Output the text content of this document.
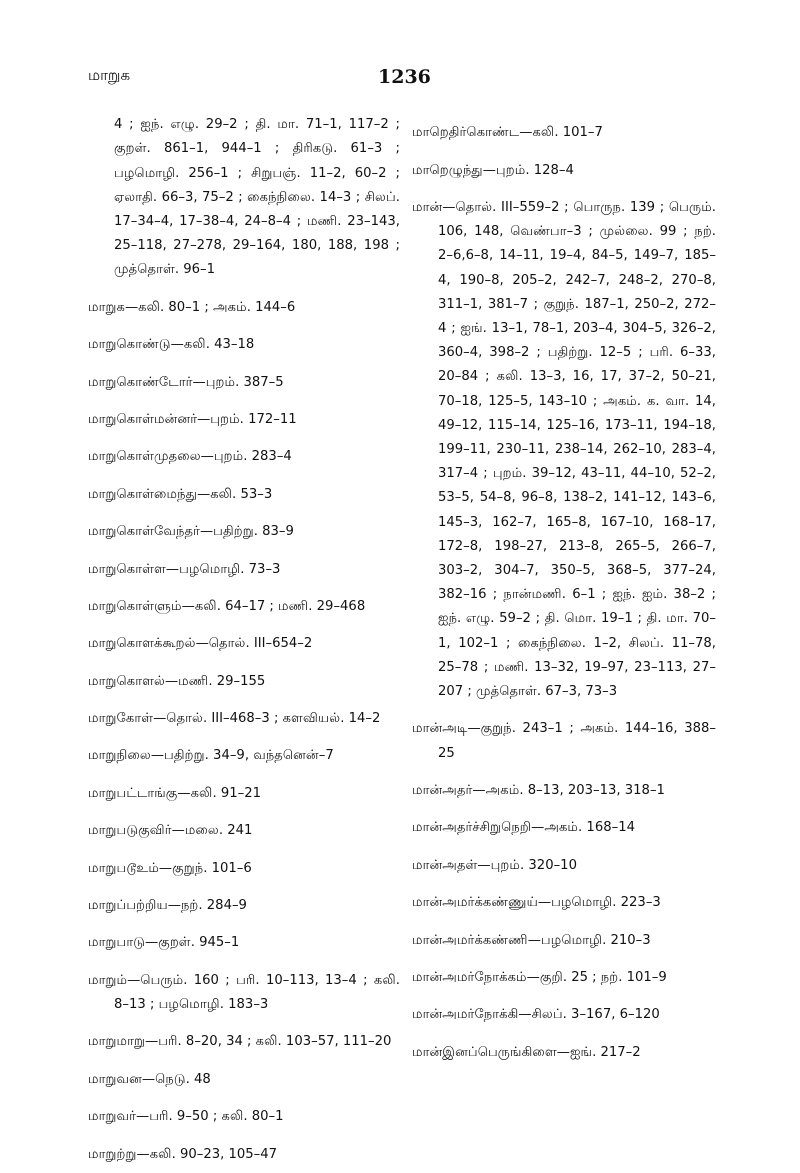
மாறுக	1236

4 ; ஐந். எழு. 29–2 ; தி. மா. 71–1, 117–2 ; குறள். 861–1, 944–1 ; திரிகடு. 61–3 ; பழமொழி. 256–1 ; சிறுபஞ். 11–2, 60–2 ; ஏலாதி. 66–3, 75–2 ; கைந்நிலை. 14–3 ; சிலப். 17–34–4, 17–38–4, 24–8–4 ; மணி. 23–143, 25–118, 27–278, 29–164, 180, 188, 198 ; முத்தொள். 96–1

மாறுக—கலி. 80–1 ; அகம். 144–6

மாறுகொண்டு—கலி. 43–18

மாறுகொண்டோர்—புறம். 387–5

மாறுகொள்மன்னர்—புறம். 172–11

மாறுகொள்முதலை—புறம். 283–4

மாறுகொள்மைந்து—கலி. 53–3

மாறுகொள்வேந்தர்—பதிற்று. 83–9

மாறுகொள்ள—பழமொழி. 73–3

மாறுகொள்ளும்—கலி. 64–17 ; மணி. 29–468

மாறுகொளக்கூறல்—தொல். III–654–2

மாறுகொளல்—மணி. 29–155

மாறுகோள்—தொல். III–468–3 ; களவியல். 14–2

மாறுநிலை—பதிற்று. 34–9, வந்தனென்–7

மாறுபட்டாங்கு—கலி. 91–21

மாறுபடுகுவிர்—மலை. 241

மாறுபடூஉம்—குறுந். 101–6

மாறுப்பற்றிய—நற். 284–9

மாறுபாடு—குறள். 945–1

மாறும்—பெரும். 160 ; பரி. 10–113, 13–4 ; கலி. 8–13 ; பழமொழி. 183–3

மாறுமாறு—பரி. 8–20, 34 ; கலி. 103–57, 111–20

மாறுவன—நெடு. 48

மாறுவர்—பரி. 9–50 ; கலி. 80–1

மாறுற்று—கலி. 90–23, 105–47

மாறெதிர்கொண்ட—கலி. 101–7

மாறெழுந்து—புறம். 128–4

மான்—தொல். III–559–2 ; பொருந. 139 ; பெரும். 106, 148, வெண்பா–3 ; முல்லை. 99 ; நற். 2–6,6–8, 14–11, 19–4, 84–5, 149–7, 185–4, 190–8, 205–2, 242–7, 248–2, 270–8, 311–1, 381–7 ; குறுந். 187–1, 250–2, 272–4 ; ஐங். 13–1, 78–1, 203–4, 304–5, 326–2, 360–4, 398–2 ; பதிற்று. 12–5 ; பரி. 6–33, 20–84 ; கலி. 13–3, 16, 17, 37–2, 50–21, 70–18, 125–5, 143–10 ; அகம். க. வா. 14, 49–12, 115–14, 125–16, 173–11, 194–18, 199–11, 230–11, 238–14, 262–10, 283–4, 317–4 ; புறம். 39–12, 43–11, 44–10, 52–2, 53–5, 54–8, 96–8, 138–2, 141–12, 143–6, 145–3, 162–7, 165–8, 167–10, 168–17, 172–8, 198–27, 213–8, 265–5, 266–7, 303–2, 304–7, 350–5, 368–5, 377–24, 382–16 ; நான்மணி. 6–1 ; ஐந். ஐம். 38–2 ; ஐந். எழு. 59–2 ; தி. மொ. 19–1 ; தி. மா. 70–1, 102–1 ; கைந்நிலை. 1–2, சிலப். 11–78, 25–78 ; மணி. 13–32, 19–97, 23–113, 27–207 ; முத்தொள். 67–3, 73–3

மான்அடி—குறுந். 243–1 ; அகம். 144–16, 388–25

மான்அதர்—அகம். 8–13, 203–13, 318–1

மான்அதர்ச்சிறுநெறி—அகம். 168–14

மான்அதள்—புறம். 320–10

மான்அமர்க்கண்ணுய்—பழமொழி. 223–3

மான்அமர்க்கண்ணி—பழமொழி. 210–3

மான்அமர்நோக்கம்—குறி. 25 ; நற். 101–9

மான்அமர்நோக்கி—சிலப். 3–167, 6–120

மான்இனப்பெருங்கிளை—ஐங். 217–2
